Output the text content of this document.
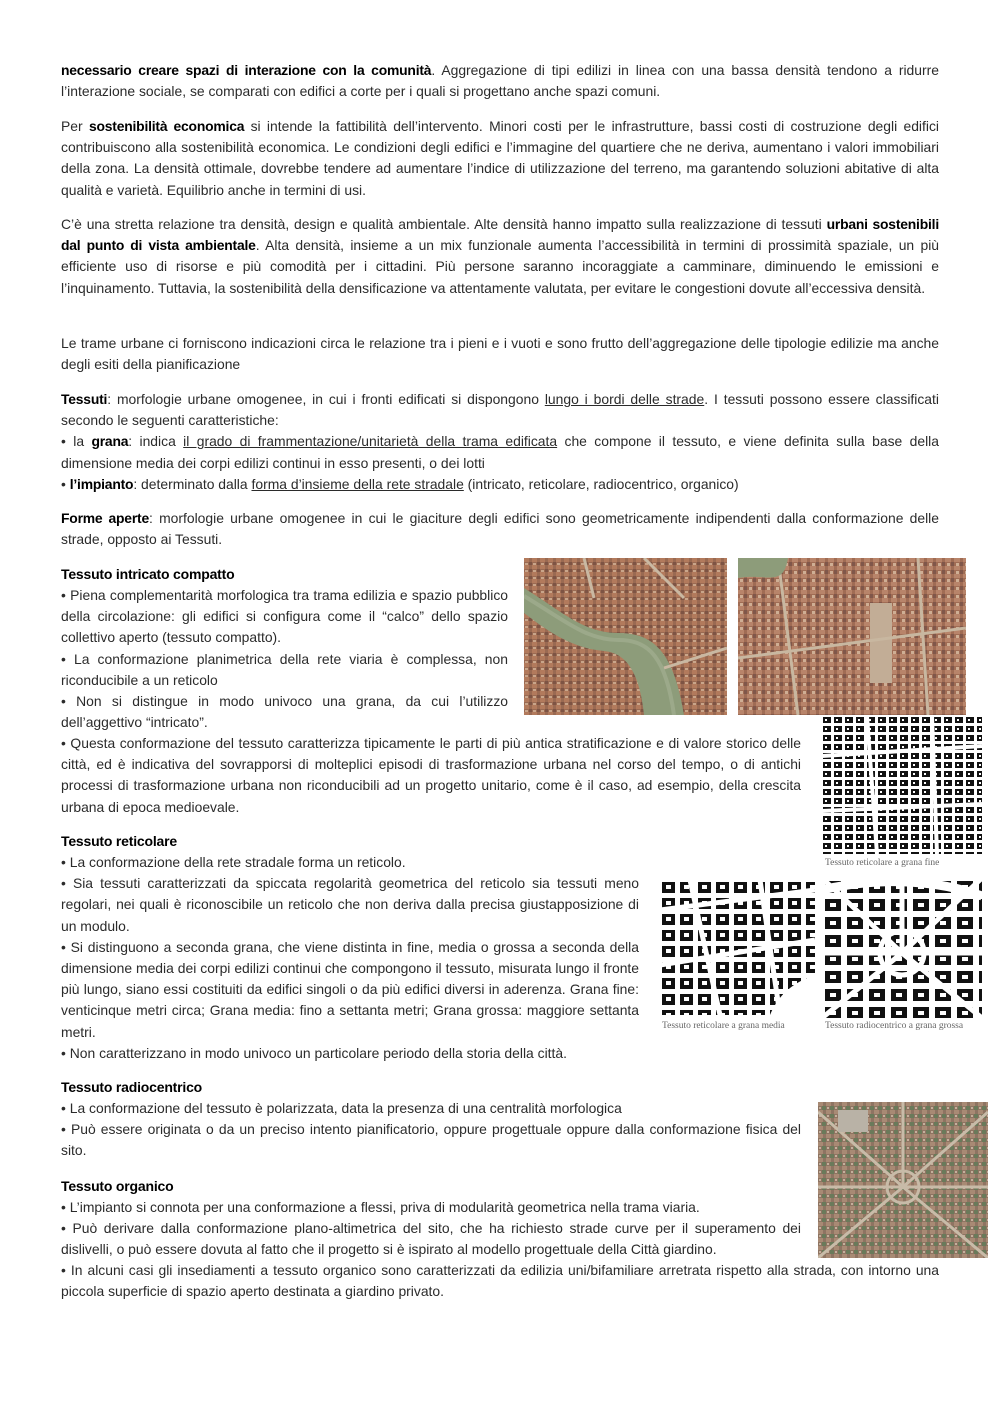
necessario creare spazi di interazione con la comunità. Aggregazione di tipi edilizi in linea con una bassa densità tendono a ridurre l’interazione sociale, se comparati con edifici a corte per i quali si progettano anche spazi comuni.

Per sostenibilità economica si intende la fattibilità dell’intervento. Minori costi per le infrastrutture, bassi costi di costruzione degli edifici contribuiscono alla sostenibilità economica. Le condizioni degli edifici e l’immagine del quartiere che ne deriva, aumentano i valori immobiliari della zona. La densità ottimale, dovrebbe tendere ad aumentare l’indice di utilizzazione del terreno, ma garantendo soluzioni abitative di alta qualità e varietà. Equilibrio anche in termini di usi.

C’è una stretta relazione tra densità, design e qualità ambientale. Alte densità hanno impatto sulla realizzazione di tessuti urbani sostenibili dal punto di vista ambientale. Alta densità, insieme a un mix funzionale aumenta l’accessibilità in termini di prossimità spaziale, un più efficiente uso di risorse e più comodità per i cittadini. Più persone saranno incoraggiate a camminare, diminuendo le emissioni e l’inquinamento. Tuttavia, la sostenibilità della densificazione va attentamente valutata, per evitare le congestioni dovute all’eccessiva densità.

Le trame urbane ci forniscono indicazioni circa le relazione tra i pieni e i vuoti e sono frutto dell’aggregazione delle tipologie edilizie ma anche degli esiti della pianificazione

Tessuti: morfologie urbane omogenee, in cui i fronti edificati si dispongono lungo i bordi delle strade. I tessuti possono essere classificati secondo le seguenti caratteristiche:
• la grana: indica il grado di frammentazione/unitarietà della trama edificata che compone il tessuto, e viene definita sulla base della dimensione media dei corpi edilizi continui in esso presenti, o dei lotti
• l’impianto: determinato dalla forma d’insieme della rete stradale (intricato, reticolare, radiocentrico, organico)

Forme aperte: morfologie urbane omogenee in cui le giaciture degli edifici sono geometricamente indipendenti dalla conformazione delle strade, opposto ai Tessuti.

Tessuto intricato compatto

• Piena complementarità morfologica tra trama edilizia e spazio pubblico della circolazione: gli edifici si configura come il “calco” dello spazio collettivo aperto (tessuto compatto).
• La conformazione planimetrica della rete viaria è complessa, non riconducibile a un reticolo
• Non si distingue in modo univoco una grana, da cui l’utilizzo dell’aggettivo “intricato”.

• Questa conformazione del tessuto caratterizza tipicamente le parti di più antica stratificazione e di valore storico delle città, ed è indicativa del sovrapporsi di molteplici episodi di trasformazione urbana nel corso del tempo, o di antichi processi di trasformazione urbana non riconducibili ad un progetto unitario, come è il caso, ad esempio, della crescita urbana di epoca medioevale.

Tessuto reticolare

• La conformazione della rete stradale forma un reticolo.
• Sia tessuti caratterizzati da spiccata regolarità geometrica del reticolo sia tessuti meno regolari, nei quali è riconoscibile un reticolo che non deriva dalla precisa giustapposizione di un modulo.
• Si distinguono a seconda grana, che viene distinta in fine, media o grossa a seconda della dimensione media dei corpi edilizi continui che compongono il tessuto, misurata lungo il fronte più lungo, siano essi costituiti da edifici singoli o da più edifici diversi in aderenza. Grana fine: venticinque metri circa; Grana media: fino a settanta metri; Grana grossa: maggiore settanta metri.
• Non caratterizzano in modo univoco un particolare periodo della storia della città.

Tessuto radiocentrico

• La conformazione del tessuto è polarizzata, data la presenza di una centralità morfologica
• Può essere originata o da un preciso intento pianificatorio, oppure progettuale oppure dalla conformazione fisica del sito.

Tessuto organico

• L’impianto si connota per una conformazione a flessi, priva di modularità geometrica nella trama viaria.
• Può derivare dalla conformazione plano-altimetrica del sito, che ha richiesto strade curve per il superamento dei dislivelli, o può essere dovuta al fatto che il progetto si è ispirato al modello progettuale della Città giardino.

• In alcuni casi gli insediamenti a tessuto organico sono caratterizzati da edilizia uni/bifamiliare arretrata rispetto alla strada, con intorno una piccola superficie di spazio aperto destinata a giardino privato.

Tessuto reticolare a grana fine
Tessuto reticolare a grana media	Tessuto radiocentrico a grana grossa
